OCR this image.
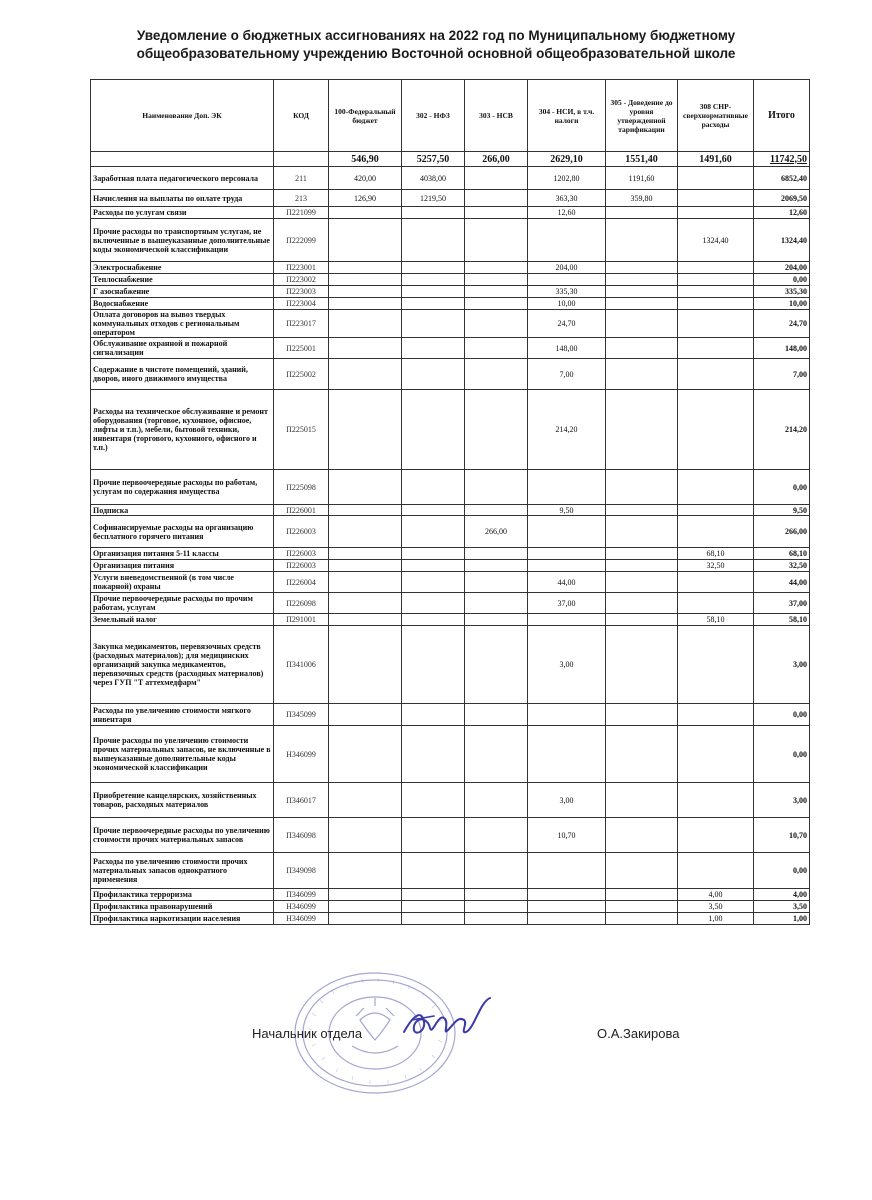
Уведомление о бюджетных ассигнованиях на 2022 год по Муниципальному бюджетному
общеобразовательному учреждению Восточной основной общеобразовательной школе
Наименование Доп. ЭК	КОД	100-Федеральный бюджет	302 - НФЗ	303 - НСВ	304 - НСИ, в т.ч. налоги	305 - Доведение до уровня утвержденной тарификации	308 СНР-сверхнормативные расходы	Итого
		546,90	5257,50	266,00	2629,10	1551,40	1491,60	11742,50
Заработная плата педагогического персонала	211	420,00	4038,00		1202,80	1191,60		6852,40
Начисления на выплаты по оплате труда	213	126,90	1219,50		363,30	359,80		2069,50
Расходы по услугам связи	П221099				12,60			12,60
Прочие расходы по транспортным услугам, не включенные в вышеуказанные дополнительные коды экономической классификации	П222099						1324,40	1324,40
Электроснабжение	П223001				204,00			204,00
Теплоснабжение	П223002							0,00
Г азоснабжение	П223003				335,30			335,30
Водоснабжение	П223004				10,00			10,00
Оплата договоров на вывоз твердых коммунальных отходов с региональным оператором	П223017				24,70			24,70
Обслуживание охранной и пожарной сигнализации	П225001				148,00			148,00
Содержание в чистоте помещений, зданий, дворов, иного движимого имущества	П225002				7,00			7,00
Расходы на техническое обслуживание и ремонт оборудования (торговое, кухонное, офисное, лифты и т.п.), мебели, бытовой техники, инвентаря (торгового, кухонного, офисного и т.п.)	П225015				214,20			214,20
Прочие первоочередные расходы по работам, услугам по содержания имущества	П225098							0,00
Подписка	П226001				9,50			9,50
Софинансируемые расходы на организацию бесплатного горячего питания	П226003			266,00				266,00
Организация питания 5-11 классы	П226003						68,10	68,10
Организация питания	П226003						32,50	32,50
Услуги вневедомственной (в том числе пожарной) охраны	П226004				44,00			44,00
Прочие первоочередные расходы по прочим работам, услугам	П226098				37,00			37,00
Земельный налог	П291001						58,10	58,10
Закупка медикаментов, перевязочных средств (расходных материалов); для медицинских организаций закупка медикаментов, перевязочных средств (расходных материалов) через ГУП "Т аттехмедфарм"	П341006				3,00			3,00
Расходы по увеличению стоимости мягкого инвентаря	П345099							0,00
Прочие расходы по увеличению стоимости прочих материальных запасов, не включенные в вышеуказанные дополнительные коды экономической классификации	Н346099							0,00
Приобретение канцелярских, хозяйственных товаров, расходных материалов	П346017				3,00			3,00
Прочие первоочередные расходы по увеличению стоимости прочих материальных запасов	П346098				10,70			10,70
Расходы по увеличению стоимости прочих материальных запасов однократного применения	П349098							0,00
Профилактика терроризма	П346099						4,00	4,00
Профилактика правонарушений	Н346099						3,50	3,50
Профилактика наркотизации населения	Н346099						1,00	1,00
Начальник отдела	О.А.Закирова
